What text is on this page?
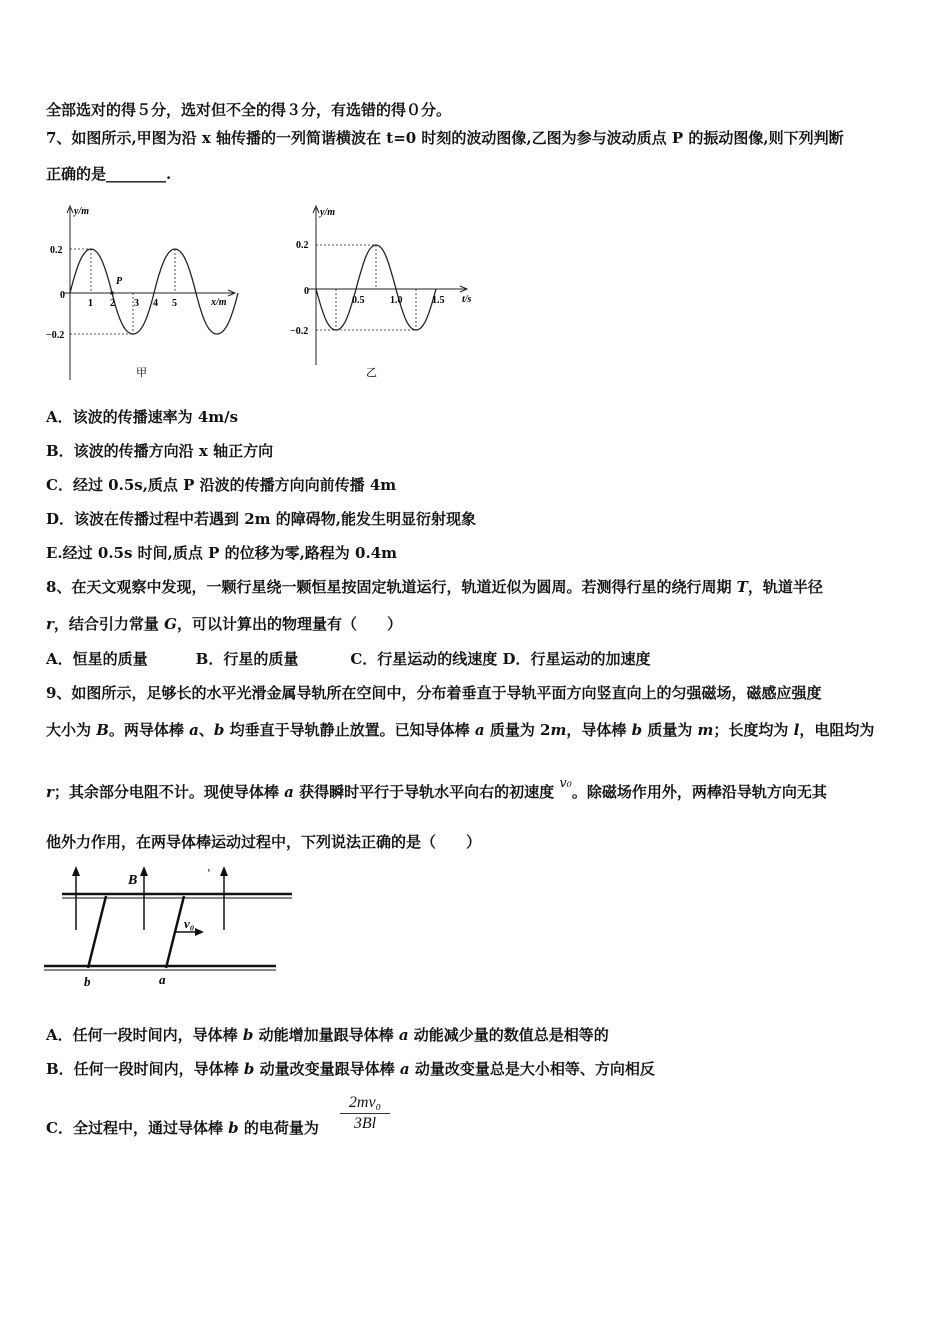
全部选对的得５分，选对但不全的得３分，有选错的得０分。
7、如图所示,甲图为沿 x 轴传播的一列简谐横波在 t=0 时刻的波动图像,乙图为参与波动质点 P 的振动图像,则下列判断
正确的是________.
y/m
x/m
0.2
−0.2
0
1 2 3 4 5
P
甲
y/m
t/s
0.2
−0.2
0
0.5	1.0	1.5
乙
A．该波的传播速率为 4m/s
B．该波的传播方向沿 x 轴正方向
C．经过 0.5s,质点 P 沿波的传播方向向前传播 4m
D．该波在传播过程中若遇到 2m 的障碍物,能发生明显衍射现象
E.经过 0.5s 时间,质点 P 的位移为零,路程为 0.4m
8、在天文观察中发现，一颗行星绕一颗恒星按固定轨道运行，轨道近似为圆周。若测得行星的绕行周期 T，轨道半径
r，结合引力常量 G，可以计算出的物理量有（　　）
A．恒星的质量	B．行星的质量	C．行星运动的线速度 D．行星运动的加速度
9、如图所示，足够长的水平光滑金属导轨所在空间中，分布着垂直于导轨平面方向竖直向上的匀强磁场，磁感应强度
大小为 B。两导体棒 a、b 均垂直于导轨静止放置。已知导体棒 a 质量为 2m，导体棒 b 质量为 m；长度均为 l，电阻均为
r；其余部分电阻不计。现使导体棒 a 获得瞬时平行于导轨水平向右的初速度 v₀。除磁场作用外，两棒沿导轨方向无其
他外力作用，在两导体棒运动过程中，下列说法正确的是（　　）
B
ᵋ
v₀
b	a
A．任何一段时间内，导体棒 b 动能增加量跟导体棒 a 动能减少量的数值总是相等的
B．任何一段时间内，导体棒 b 动量改变量跟导体棒 a 动量改变量总是大小相等、方向相反
C．全过程中，通过导体棒 b 的电荷量为 $\frac{\text{2mv₀}}{3Bl}$
